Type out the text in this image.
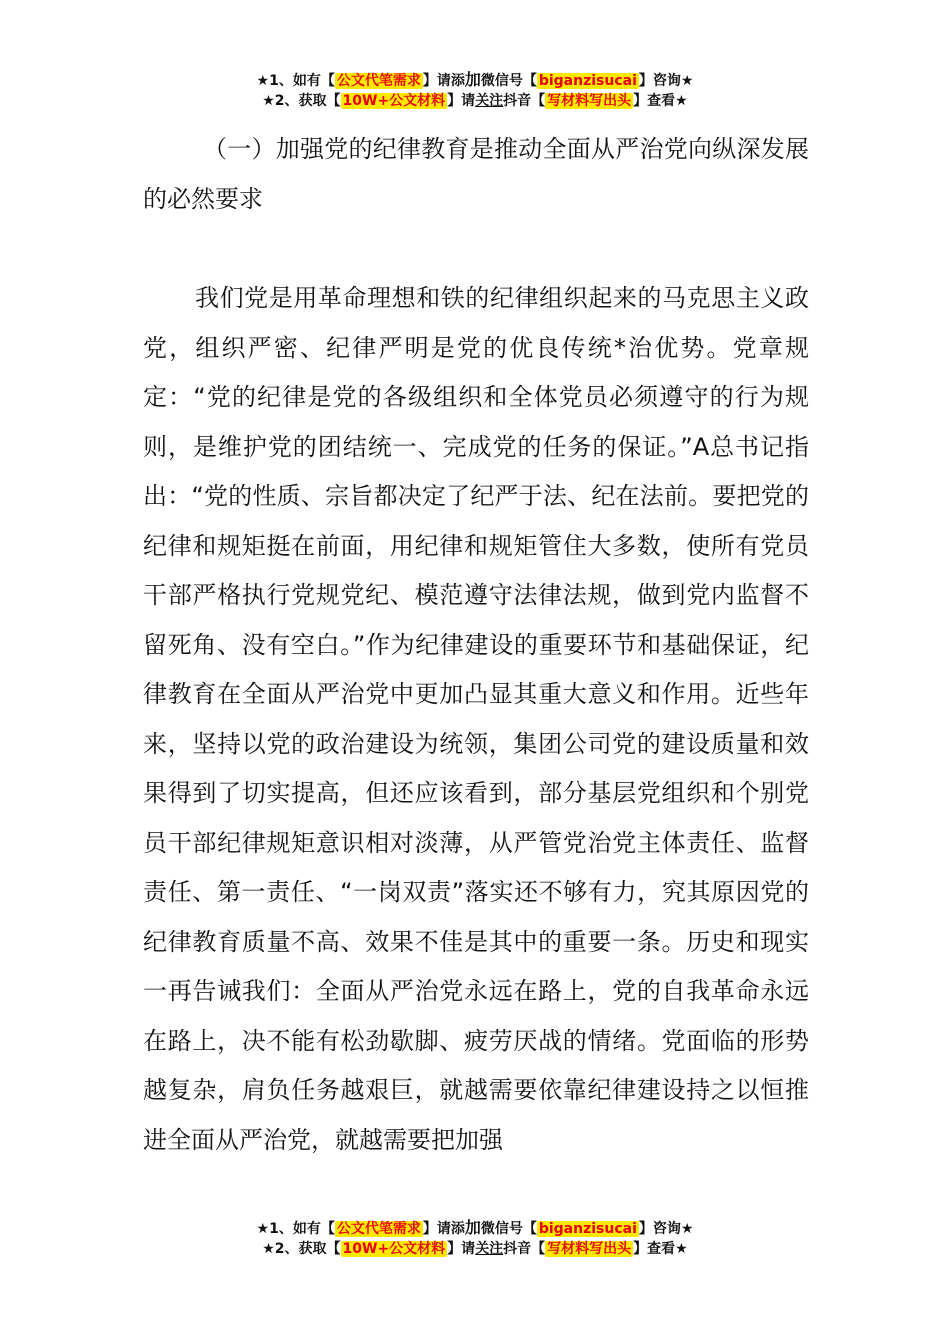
★1、如有【 公文代笔需求 】请添加微信号【 biganzisucai 】咨询★
★2、获取【 10W+公文材料 】请关注抖音【 写材料写出头 】查看★

（一）加强党的纪律教育是推动全面从严治党向纵深发展的必然要求

我们党是用革命理想和铁的纪律组织起来的马克思主义政党，组织严密、纪律严明是党的优良传统*治优势。党章规定：“党的纪律是党的各级组织和全体党员必须遵守的行为规则，是维护党的团结统一、完成党的任务的保证。”A总书记指出：“党的性质、宗旨都决定了纪严于法、纪在法前。要把党的纪律和规矩挺在前面，用纪律和规矩管住大多数，使所有党员干部严格执行党规党纪、模范遵守法律法规，做到党内监督不留死角、没有空白。”作为纪律建设的重要环节和基础保证，纪律教育在全面从严治党中更加凸显其重大意义和作用。近些年来，坚持以党的政治建设为统领，集团公司党的建设质量和效果得到了切实提高，但还应该看到，部分基层党组织和个别党员干部纪律规矩意识相对淡薄，从严管党治党主体责任、监督责任、第一责任、“一岗双责”落实还不够有力，究其原因党的纪律教育质量不高、效果不佳是其中的重要一条。历史和现实一再告诫我们：全面从严治党永远在路上，党的自我革命永远在路上，决不能有松劲歇脚、疲劳厌战的情绪。党面临的形势越复杂，肩负任务越艰巨，就越需要依靠纪律建设持之以恒推进全面从严治党，就越需要把加强

★1、如有【 公文代笔需求 】请添加微信号【 biganzisucai 】咨询★
★2、获取【 10W+公文材料 】请关注抖音【 写材料写出头 】查看★
